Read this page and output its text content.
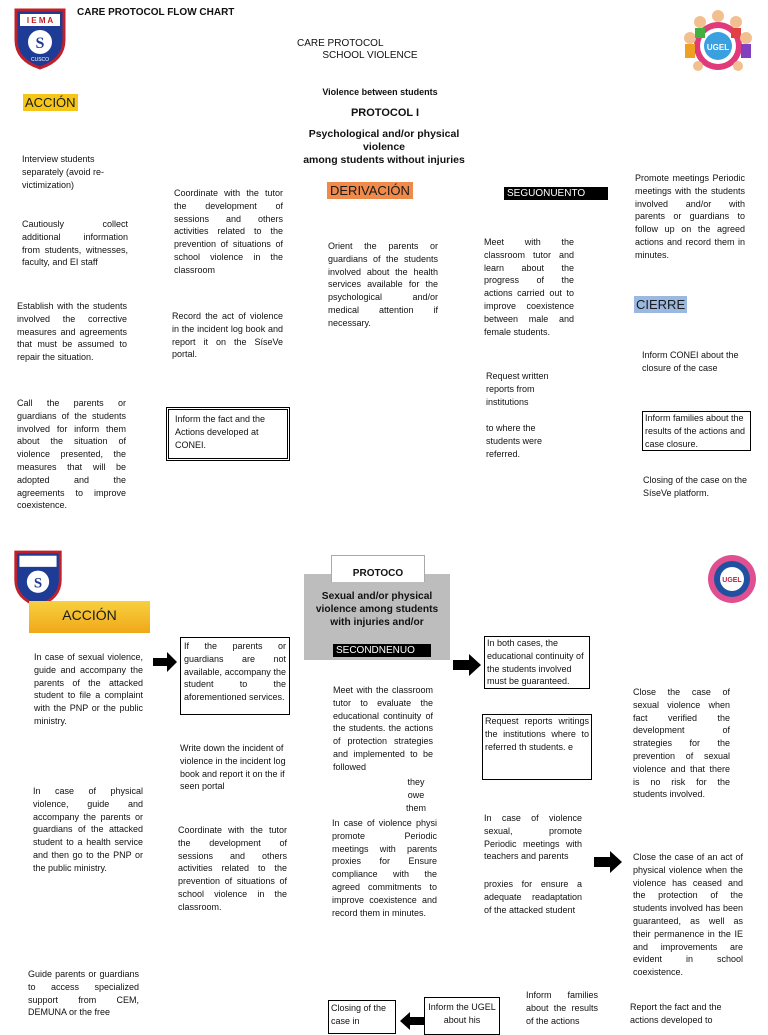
I E M A
S
CUSCO
CARE PROTOCOL FLOW CHART
UGEL
CARE PROTOCOL
SCHOOL VIOLENCE
Violence between students
PROTOCOL I
Psychological and/or physical
violence
among students without injuries
ACCIÓN
Interview students separately (avoid re-victimization)
Cautiously collect additional information from students, witnesses, faculty, and EI staff
Establish with the students involved the corrective measures and agreements that must be assumed to repair the situation.
Call the parents or guardians of the students involved for inform them about the situation of violence presented, the measures that will be adopted and the agreements to improve coexistence.
Coordinate with the tutor the development of sessions and others activities related to the prevention of situations of school violence in the classroom
Record the act of violence in the incident log book and report it on the SíseVe portal.
Inform the fact and the Actions developed at CONEI.
DERIVACIÓN
Orient the parents or guardians of the students involved about the health services available for the psychological and/or medical attention if necessary.
SEGUONUENTO
Meet with the classroom tutor and learn about the progress of the actions carried out to improve coexistence between male and female students.
Request written reports from institutions
to where the students were referred.
Promote meetings Periodic meetings with the students involved and/or with parents or guardians to follow up on the agreed actions and record them in minutes.
CIERRE
Inform CONEI about the closure of the case
Inform families about the results of the actions and case closure.
Closing of the case on the SíseVe platform.
S	UGEL
ACCIÓN
PROTOCO
Sexual and/or physical violence among students with injuries and/or
SECONDNENUO
In case of sexual violence, guide and accompany the parents of the attacked student to file a complaint with the PNP or the public ministry.
In case of physical violence, guide and accompany the parents or guardians of the attacked student to a health service and then go to the PNP or the public ministry.
Guide parents or guardians to access specialized support from CEM, DEMUNA or the free
If the parents or guardians are not available, accompany the student to the aforementioned services.
Write down the incident of violence in the incident log book and report it on the if seen portal
Coordinate with the tutor the development of sessions and others activities related to the prevention of situations of school violence in the classroom.
Meet with the classroom tutor to evaluate the educational continuity of the students. the actions of protection strategies and implemented to be followed
they owe them
In case of violence physi promote Periodic meetings with parents proxies for Ensure compliance with the agreed commitments to improve coexistence and record them in minutes.
Closing of the case in
Inform the UGEL about his
In both cases, the educational continuity of the students involved must be guaranteed.
Request reports writings the institutions where to referred th students. e
In case of violence sexual, promote Periodic meetings with teachers and parents
proxies for ensure a adequate readaptation of the attacked student
Inform families about the results of the actions
Close the case of sexual violence when fact verified the development of strategies for the prevention of sexual violence and that there is no risk for the students involved.
Close the case of an act of physical violence when the violence has ceased and the protection of the students involved has been guaranteed, as well as their permanence in the IE and improvements are evident in school coexistence.
Report the fact and the actions developed to
